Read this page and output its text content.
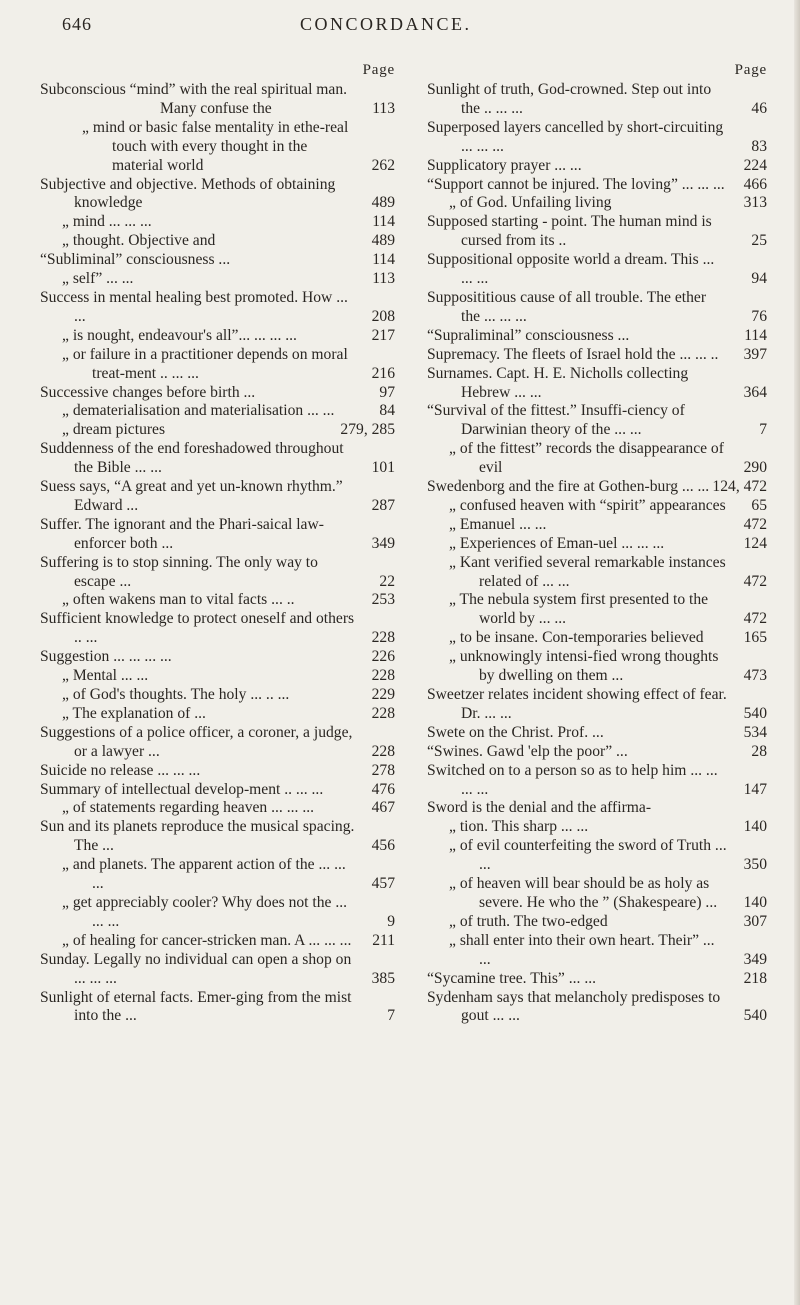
646	CONCORDANCE.
Page
Subconscious “mind” with the real spiritual man. Many confuse the	113
„ mind or basic false mentality in ethe-real touch with every thought in the material world	262
Subjective and objective. Methods of obtaining knowledge	489
„ mind ... ... ...	114
„ thought. Objective and	489
“Subliminal” consciousness ...	114
„ self” ... ...	113
Success in mental healing best promoted. How ... ...	208
„ is nought, endeavour's all”... ... ... ...	217
„ or failure in a practitioner depends on moral treat-ment .. ... ...	216
Successive changes before birth ...	97
„ dematerialisation and materialisation ... ...	84
„ dream pictures	279, 285
Suddenness of the end foreshadowed throughout the Bible ... ...	101
Suess says, “A great and yet un-known rhythm.” Edward ...	287
Suffer. The ignorant and the Phari-saical law-enforcer both ...	349
Suffering is to stop sinning. The only way to escape ...	22
„ often wakens man to vital facts ... ..	253
Sufficient knowledge to protect oneself and others .. ...	228
Suggestion ... ... ... ...	226
„ Mental ... ...	228
„ of God's thoughts. The holy ... .. ...	229
„ The explanation of ...	228
Suggestions of a police officer, a coroner, a judge, or a lawyer ...	228
Suicide no release ... ... ...	278
Summary of intellectual develop-ment .. ... ...	476
„ of statements regarding heaven ... ... ...	467
Sun and its planets reproduce the musical spacing. The ...	456
„ and planets. The apparent action of the ... ... ...	457
„ get appreciably cooler? Why does not the ... ... ...	9
„ of healing for cancer-stricken man. A ... ... ...	211
Sunday. Legally no individual can open a shop on ... ... ...	385
Sunlight of eternal facts. Emer-ging from the mist into the ...	7
Page
Sunlight of truth, God-crowned. Step out into the .. ... ...	46
Superposed layers cancelled by short-circuiting ... ... ...	83
Supplicatory prayer ... ...	224
“Support cannot be injured. The loving” ... ... ...	466
„ of God. Unfailing living	313
Supposed starting - point. The human mind is cursed from its ..	25
Suppositional opposite world a dream. This ... ... ...	94
Supposititious cause of all trouble. The ether the ... ... ...	76
“Supraliminal” consciousness ...	114
Supremacy. The fleets of Israel hold the ... ... ..	397
Surnames. Capt. H. E. Nicholls collecting Hebrew ... ...	364
“Survival of the fittest.” Insuffi-ciency of Darwinian theory of the ... ...	7
„ of the fittest” records the disappearance of evil	290
Swedenborg and the fire at Gothen-burg ... ... 124, 472
„ confused heaven with “spirit” appearances	65
„ Emanuel ... ...	472
„ Experiences of Eman-uel ... ... ...	124
„ Kant verified several remarkable instances related of ... ...	472
„ The nebula system first presented to the world by ... ...	472
„ to be insane. Con-temporaries believed	165
„ unknowingly intensi-fied wrong thoughts by dwelling on them ...	473
Sweetzer relates incident showing effect of fear. Dr. ... ...	540
Swete on the Christ. Prof. ...	534
“Swines. Gawd 'elp the poor” ...	28
Switched on to a person so as to help him ... ... ... ...	147
Sword is the denial and the affirma-
„ tion. This sharp ... ...	140
„ of evil counterfeiting the sword of Truth ... ...	350
„ of heaven will bear should be as holy as severe. He who the ” (Shakespeare) ...	140
„ of truth. The two-edged	307
„ shall enter into their own heart. Their” ... ...	349
“Sycamine tree. This” ... ...	218
Sydenham says that melancholy predisposes to gout ... ...	540
